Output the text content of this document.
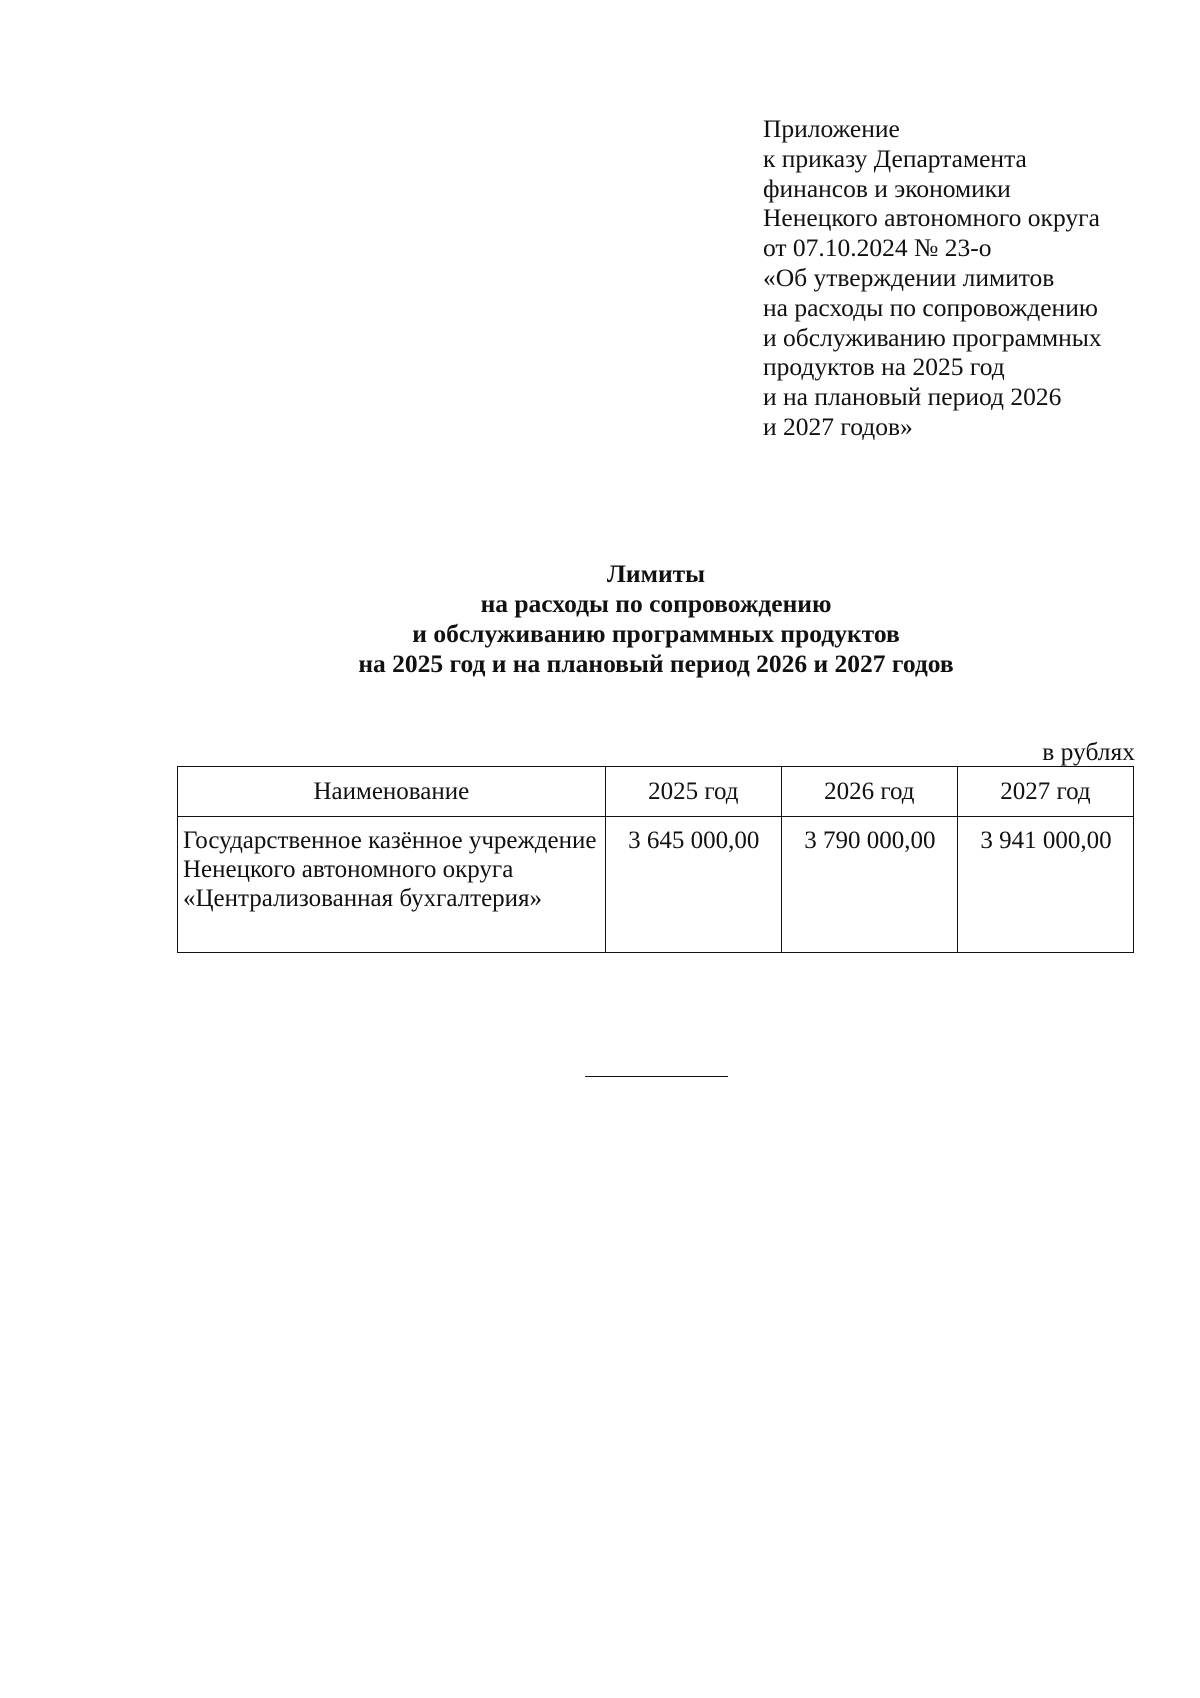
Приложение
к приказу Департамента
финансов и экономики
Ненецкого автономного округа
от 07.10.2024 № 23-о
«Об утверждении лимитов
на расходы по сопровождению
и обслуживанию программных
продуктов на 2025 год
и на плановый период 2026
и 2027 годов»
Лимиты
на расходы по сопровождению
и обслуживанию программных продуктов
на 2025 год и на плановый период 2026 и 2027 годов
в рублях
Наименование	2025 год	2026 год	2027 год
Государственное казённое учреждение Ненецкого автономного округа «Централизованная бухгалтерия»	3 645 000,00	3 790 000,00	3 941 000,00
